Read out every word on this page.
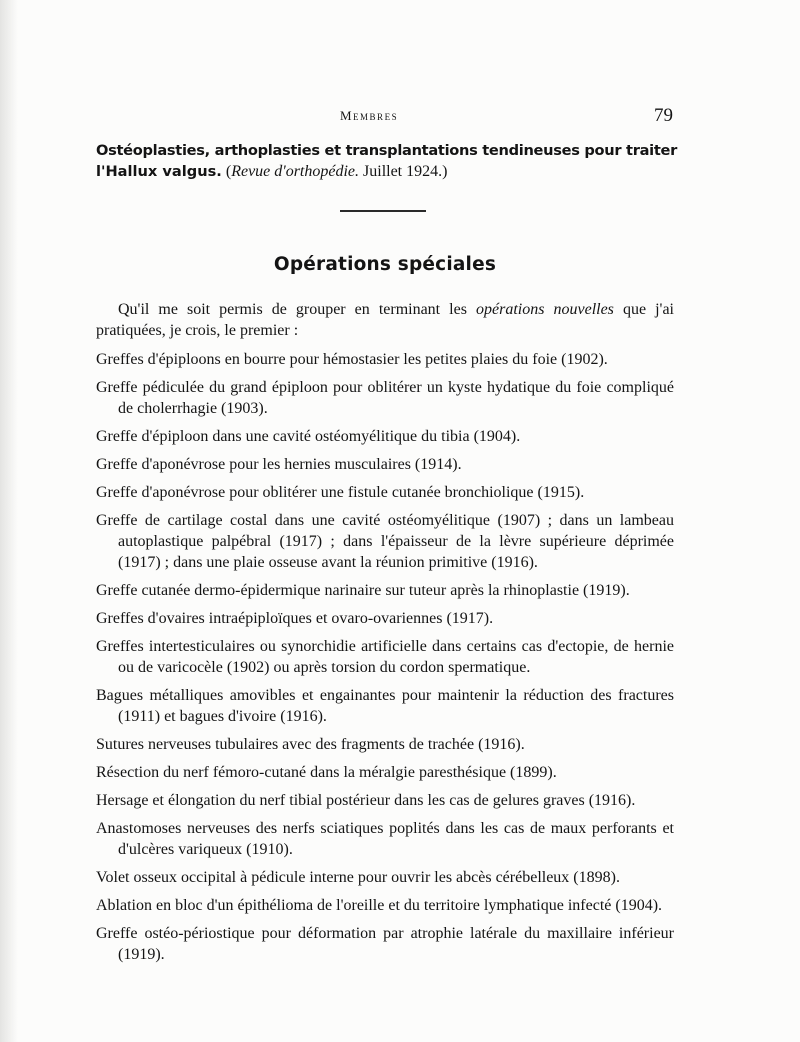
Membres	79
Ostéoplasties, arthoplasties et transplantations tendineuses pour traiter
l'Hallux valgus. (Revue d'orthopédie. Juillet 1924.)
Opérations spéciales

Qu'il me soit permis de grouper en terminant les opérations nouvelles que j'ai pratiquées, je crois, le premier :

Greffes d'épiploons en bourre pour hémostasier les petites plaies du foie (1902).

Greffe pédiculée du grand épiploon pour oblitérer un kyste hydatique du foie compliqué de cholerrhagie (1903).

Greffe d'épiploon dans une cavité ostéomyélitique du tibia (1904).

Greffe d'aponévrose pour les hernies musculaires (1914).

Greffe d'aponévrose pour oblitérer une fistule cutanée bronchiolique (1915).

Greffe de cartilage costal dans une cavité ostéomyélitique (1907) ; dans un lambeau autoplastique palpébral (1917) ; dans l'épaisseur de la lèvre supérieure déprimée (1917) ; dans une plaie osseuse avant la réunion primitive (1916).

Greffe cutanée dermo-épidermique narinaire sur tuteur après la rhinoplastie (1919).

Greffes d'ovaires intraépiploïques et ovaro-ovariennes (1917).

Greffes intertesticulaires ou synorchidie artificielle dans certains cas d'ectopie, de hernie ou de varicocèle (1902) ou après torsion du cordon spermatique.

Bagues métalliques amovibles et engainantes pour maintenir la réduction des fractures (1911) et bagues d'ivoire (1916).

Sutures nerveuses tubulaires avec des fragments de trachée (1916).

Résection du nerf fémoro-cutané dans la méralgie paresthésique (1899).

Hersage et élongation du nerf tibial postérieur dans les cas de gelures graves (1916).

Anastomoses nerveuses des nerfs sciatiques poplités dans les cas de maux perforants et d'ulcères variqueux (1910).

Volet osseux occipital à pédicule interne pour ouvrir les abcès cérébelleux (1898).

Ablation en bloc d'un épithélioma de l'oreille et du territoire lymphatique infecté (1904).

Greffe ostéo-périostique pour déformation par atrophie latérale du maxillaire inférieur (1919).
